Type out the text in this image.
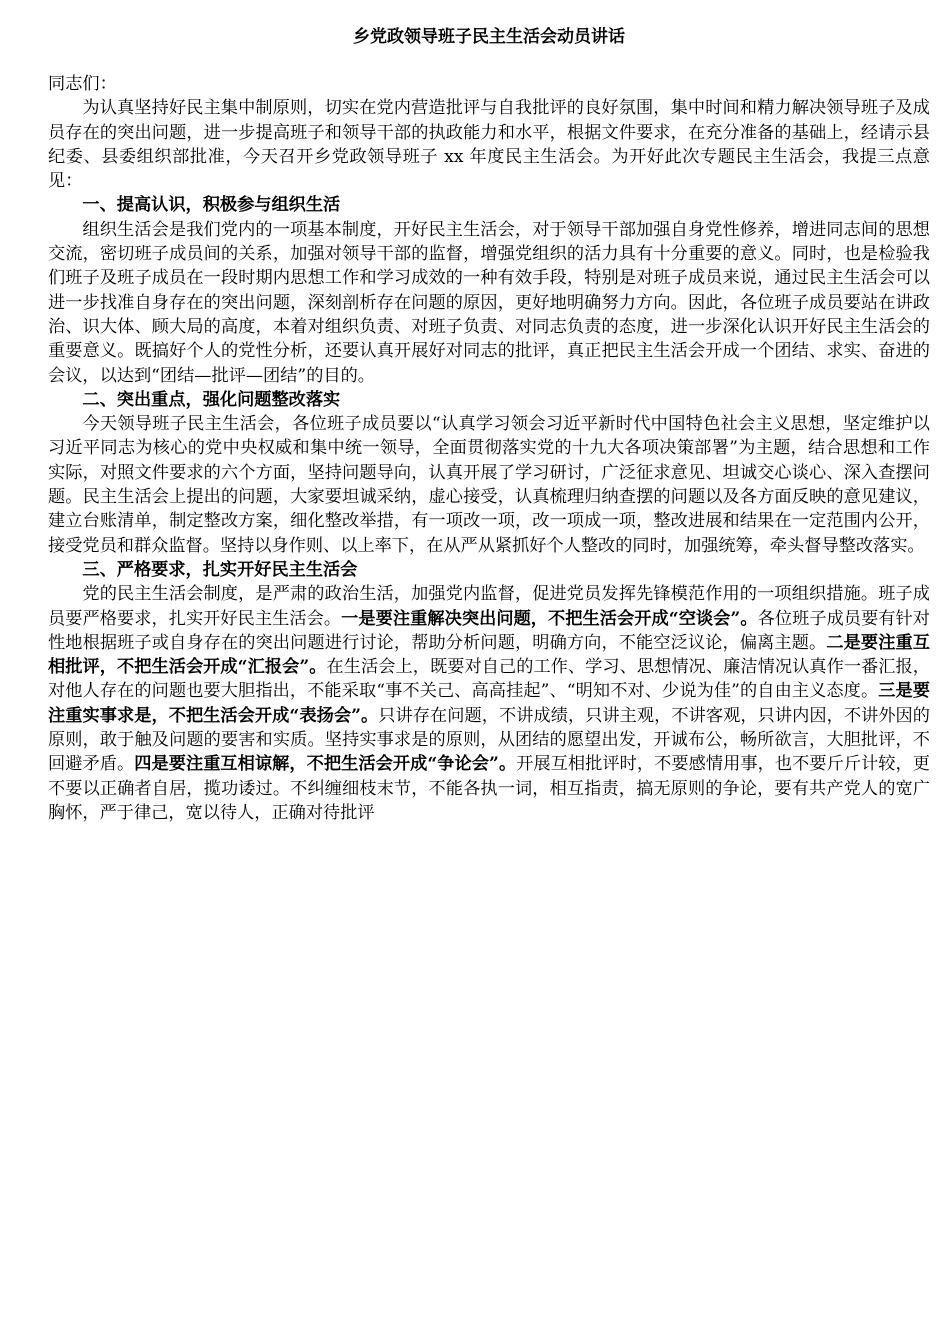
乡党政领导班子民主生活会动员讲话

同志们：

为认真坚持好民主集中制原则，切实在党内营造批评与自我批评的良好氛围，集中时间和精力解决领导班子及成员存在的突出问题，进一步提高班子和领导干部的执政能力和水平，根据文件要求，在充分准备的基础上，经请示县纪委、县委组织部批准，今天召开乡党政领导班子 xx 年度民主生活会。为开好此次专题民主生活会，我提三点意见：

一、提高认识，积极参与组织生活

组织生活会是我们党内的一项基本制度，开好民主生活会，对于领导干部加强自身党性修养，增进同志间的思想交流，密切班子成员间的关系，加强对领导干部的监督，增强党组织的活力具有十分重要的意义。同时，也是检验我们班子及班子成员在一段时期内思想工作和学习成效的一种有效手段，特别是对班子成员来说，通过民主生活会可以进一步找准自身存在的突出问题，深刻剖析存在问题的原因，更好地明确努力方向。因此，各位班子成员要站在讲政治、识大体、顾大局的高度，本着对组织负责、对班子负责、对同志负责的态度，进一步深化认识开好民主生活会的重要意义。既搞好个人的党性分析，还要认真开展好对同志的批评，真正把民主生活会开成一个团结、求实、奋进的会议，以达到“团结—批评—团结”的目的。

二、突出重点，强化问题整改落实

今天领导班子民主生活会，各位班子成员要以“认真学习领会习近平新时代中国特色社会主义思想，坚定维护以习近平同志为核心的党中央权威和集中统一领导，全面贯彻落实党的十九大各项决策部署”为主题，结合思想和工作实际，对照文件要求的六个方面，坚持问题导向，认真开展了学习研讨，广泛征求意见、坦诚交心谈心、深入查摆问题。民主生活会上提出的问题，大家要坦诚采纳，虚心接受，认真梳理归纳查摆的问题以及各方面反映的意见建议，建立台账清单，制定整改方案，细化整改举措，有一项改一项，改一项成一项，整改进展和结果在一定范围内公开，接受党员和群众监督。坚持以身作则、以上率下，在从严从紧抓好个人整改的同时，加强统筹，牵头督导整改落实。

三、严格要求，扎实开好民主生活会

党的民主生活会制度，是严肃的政治生活，加强党内监督，促进党员发挥先锋模范作用的一项组织措施。班子成员要严格要求，扎实开好民主生活会。一是要注重解决突出问题，不把生活会开成“空谈会”。各位班子成员要有针对性地根据班子或自身存在的突出问题进行讨论，帮助分析问题，明确方向，不能空泛议论，偏离主题。二是要注重互相批评，不把生活会开成“汇报会”。在生活会上，既要对自己的工作、学习、思想情况、廉洁情况认真作一番汇报，对他人存在的问题也要大胆指出，不能采取“事不关己、高高挂起”、“明知不对、少说为佳”的自由主义态度。三是要注重实事求是，不把生活会开成“表扬会”。只讲存在问题，不讲成绩，只讲主观，不讲客观，只讲内因，不讲外因的原则，敢于触及问题的要害和实质。坚持实事求是的原则，从团结的愿望出发，开诚布公，畅所欲言，大胆批评，不回避矛盾。四是要注重互相谅解，不把生活会开成“争论会”。开展互相批评时，不要感情用事，也不要斤斤计较，更不要以正确者自居，揽功诿过。不纠缠细枝末节，不能各执一词，相互指责，搞无原则的争论，要有共产党人的宽广胸怀，严于律己，宽以待人，正确对待批评
